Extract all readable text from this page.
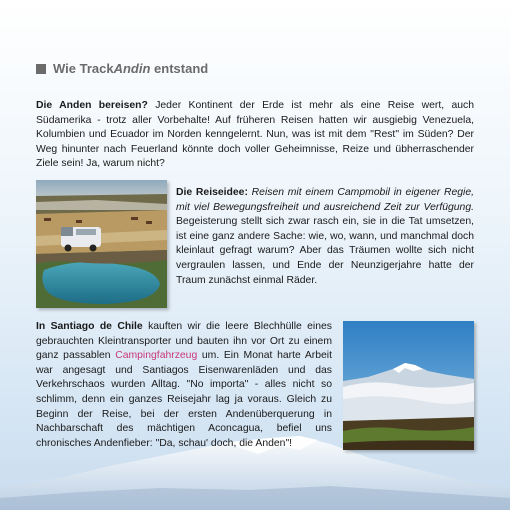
Wie Track Andin entstand
Die Anden bereisen? Jeder Kontinent der Erde ist mehr als eine Reise wert, auch Südamerika - trotz aller Vorbehalte! Auf früheren Reisen hatten wir ausgiebig Venezuela, Kolumbien und Ecuador im Norden kenngelernt. Nun, was ist mit dem "Rest" im Süden? Der Weg hinunter nach Feuerland könnte doch voller Geheimnisse, Reize und übherraschender Ziele sein! Ja, warum nicht?
Die Reiseidee: Reisen mit einem Campmobil in eigener Regie, mit viel Bewegungsfreiheit und ausreichend Zeit zur Verfügung. Begeisterung stellt sich zwar rasch ein, sie in die Tat umsetzen, ist eine ganz andere Sache: wie, wo, wann, und manchmal doch kleinlaut gefragt warum? Aber das Träumen wollte sich nicht vergraulen lassen, und Ende der Neunzigerjahre hatte der Traum zunächst einmal Räder.
In Santiago de Chile kauften wir die leere Blechhülle eines gebrauchten Kleintransporter und bauten ihn vor Ort zu einem ganz passablen Campingfahrzeug um. Ein Monat harte Arbeit war angesagt und Santiagos Eisenwarenläden und das Verkehrschaos wurden Alltag. "No importa" - alles nicht so schlimm, denn ein ganzes Reisejahr lag ja voraus. Gleich zu Beginn der Reise, bei der ersten Andenüberquerung in Nachbarschaft des mächtigen Aconcagua, befiel uns chronisches Andenfieber: "Da, schau' doch, die Anden"!
